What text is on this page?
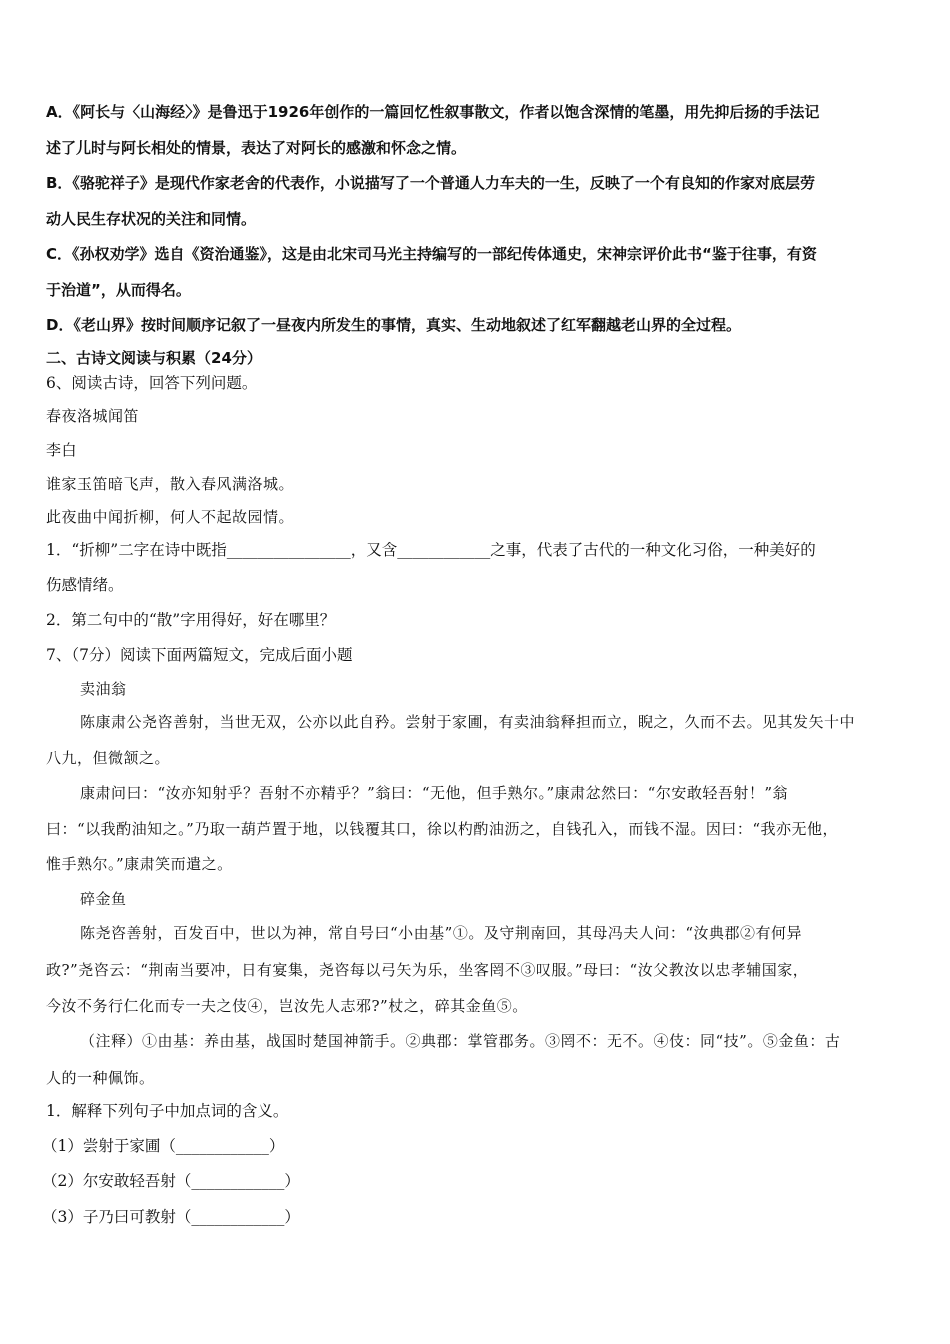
A．《阿长与〈山海经〉》是鲁迅于1926年创作的一篇回忆性叙事散文，作者以饱含深情的笔墨，用先抑后扬的手法记
述了儿时与阿长相处的情景，表达了对阿长的感激和怀念之情。
B．《骆驼祥子》是现代作家老舍的代表作，小说描写了一个普通人力车夫的一生，反映了一个有良知的作家对底层劳
动人民生存状况的关注和同情。
C．《孙权劝学》选自《资治通鉴》，这是由北宋司马光主持编写的一部纪传体通史，宋神宗评价此书“鉴于往事，有资
于治道”，从而得名。
D．《老山界》按时间顺序记叙了一昼夜内所发生的事情，真实、生动地叙述了红军翻越老山界的全过程。
二、古诗文阅读与积累（24分）
6、阅读古诗，回答下列问题。
春夜洛城闻笛
李白
谁家玉笛暗飞声，散入春风满洛城。
此夜曲中闻折柳，何人不起故园情。
1．“折柳”二字在诗中既指________________，又含____________之事，代表了古代的一种文化习俗，一种美好的
伤感情绪。
2．第二句中的“散”字用得好，好在哪里？
7、（7分）阅读下面两篇短文，完成后面小题
卖油翁
陈康肃公尧咨善射，当世无双，公亦以此自矜。尝射于家圃，有卖油翁释担而立，睨之，久而不去。见其发矢十中
八九，但微颔之。
康肃问曰：“汝亦知射乎？吾射不亦精乎？”翁曰：“无他，但手熟尔。”康肃忿然曰：“尔安敢轻吾射！”翁
曰：“以我酌油知之。”乃取一葫芦置于地，以钱覆其口，徐以杓酌油沥之，自钱孔入，而钱不湿。因曰：“我亦无他，
惟手熟尔。”康肃笑而遣之。
碎金鱼
陈尧咨善射，百发百中，世以为神，常自号曰“小由基”①。及守荆南回，其母冯夫人问：“汝典郡②有何异
政?”尧咨云：“荆南当要冲，日有宴集，尧咨每以弓矢为乐，坐客罔不③叹服。”母曰：“汝父教汝以忠孝辅国家，
今汝不务行仁化而专一夫之伎④，岂汝先人志邪?”杖之，碎其金鱼⑤。
（注释）①由基：养由基，战国时楚国神箭手。②典郡：掌管郡务。③罔不：无不。④伎：同“技”。⑤金鱼：古
人的一种佩饰。
1．解释下列句子中加点词的含义。
（1）尝射于家圃（____________）
（2）尔安敢轻吾射（____________）
（3）子乃曰可教射（____________）
